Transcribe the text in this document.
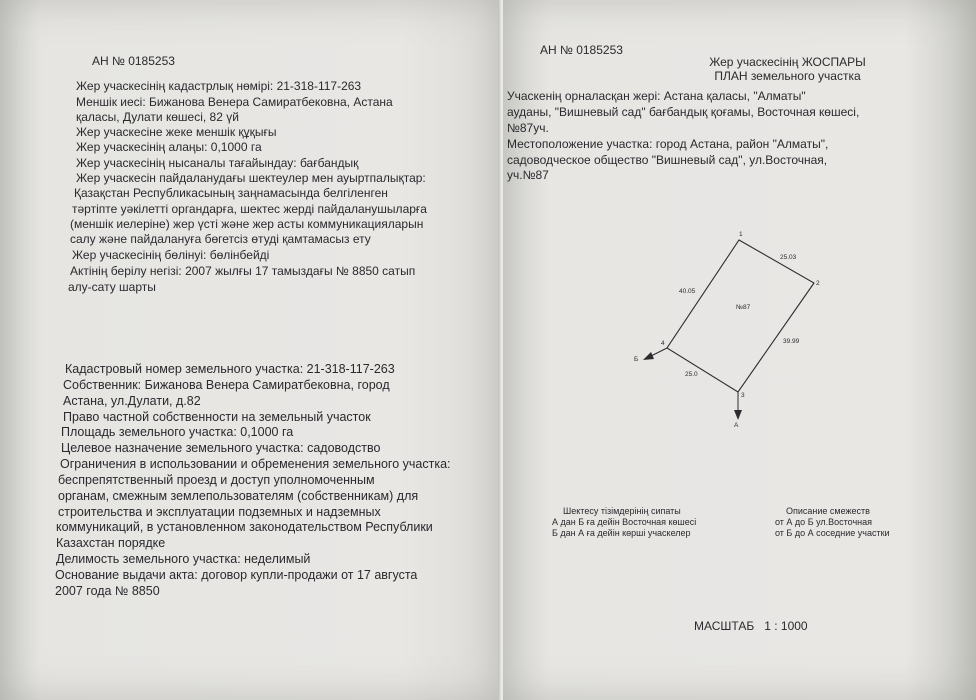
АН № 0185253
Жер учаскесінің кадастрлық нөмірі: 21-318-117-263
Меншік иесі: Бижанова Венера Самиратбековна, Астана
қаласы, Дулати көшесі, 82 үй
Жер учаскесіне жеке меншік құқығы
Жер учаскесінің алаңы: 0,1000 га
Жер учаскесінің нысаналы тағайындау: бағбандық
Жер учаскесін пайдаланудағы шектеулер мен ауыртпалықтар:
Қазақстан Республикасының заңнамасында белгіленген
тәртіпте уәкілетті органдарға, шектес жерді пайдаланушыларға
(меншік иелеріне) жер үсті және жер асты коммуникацияларын
салу және пайдалануға бөгетсіз өтуді қамтамасыз ету
Жер учаскесінің бөлінуі: бөлінбейді
Актінің берілу негізі: 2007 жылғы 17 тамыздағы № 8850 сатып
алу-сату шарты
Кадастровый номер земельного участка: 21-318-117-263
Собственник: Бижанова Венера Самиратбековна, город
Астана, ул.Дулати, д.82
Право частной собственности на земельный участок
Площадь земельного участка: 0,1000 га
Целевое назначение земельного участка: садоводство
Ограничения в использовании и обременения земельного участка:
беспрепятственный проезд и доступ уполномоченным
органам, смежным землепользователям (собственникам) для
строительства и эксплуатации подземных и надземных
коммуникаций, в установленном законодательством Республики
Казахстан порядке
Делимость земельного участка: неделимый
Основание выдачи акта: договор купли-продажи от 17 августа
2007 года № 8850
АН № 0185253
Жер учаскесінің ЖОСПАРЫ
ПЛАН земельного участка
Учаскенің орналасқан жері: Астана қаласы, "Алматы"
ауданы, "Вишневый сад" бағбандық қоғамы, Восточная көшесі,
№87уч.
Местоположение участка: город Астана, район "Алматы",
садоводческое общество "Вишневый сад", ул.Восточная,
уч.№87
1
2
3
4
25.03
39.99
25.0
40.05
№87
А
Б
Шектесу тізімдерінің сипаты
А дан Б ға дейін Восточная көшесі
Б дан А ға дейін көрші учаскелер
Описание смежеств
от А до Б ул.Восточная
от Б до А соседние участки
МАСШТАБ   1 : 1000
